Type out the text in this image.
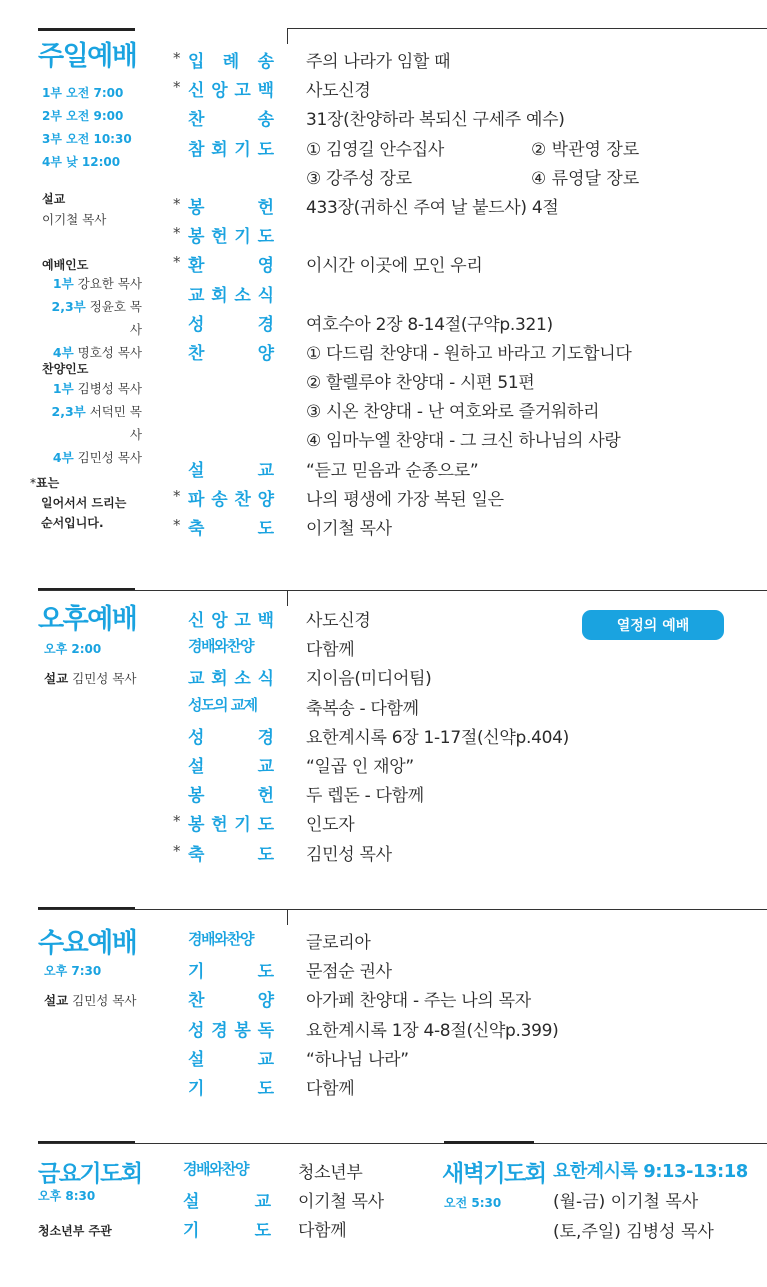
주일예배
1부 오전 7:00
2부 오전 9:00
3부 오전 10:30
4부 낮 12:00
설교
이기철 목사
예배인도
1부 강요한 목사
2,3부 정윤호 목사
4부 명호성 목사
찬양인도
1부 김병성 목사
2,3부 서덕민 목사
4부 김민성 목사
*표는
일어서서 드리는
순서입니다.
* 입 례 송 주의 나라가 임할 때
* 신 앙 고 백 사도신경
찬	송 31장(찬양하라 복되신 구세주 예수)
참 회 기 도 ① 김영길 안수집사	② 박관영 장로
③ 강주성 장로	④ 류영달 장로
* 봉	헌 433장(귀하신 주여 날 붙드사) 4절
* 봉 헌 기 도
* 환	영 이시간 이곳에 모인 우리
교 회 소 식
성	경 여호수아 2장 8-14절(구약p.321)
찬	양 ① 다드림 찬양대 - 원하고 바라고 기도합니다
② 할렐루야 찬양대 - 시편 51편
③ 시온 찬양대 - 난 여호와로 즐거워하리
④ 임마누엘 찬양대 - 그 크신 하나님의 사랑
설	교 “듣고 믿음과 순종으로”
* 파 송 찬 양 나의 평생에 가장 복된 일은
* 축	도 이기철 목사
오후예배
오후 2:00
설교 김민성 목사
열정의 예배
신 앙 고 백 사도신경
경배와찬양	다함께
교 회 소 식 지이음(미디어팀)
성도의 교제	축복송 - 다함께
성	경 요한계시록 6장 1-17절(신약p.404)
설	교 “일곱 인 재앙”
봉	헌 두 렙돈 - 다함께
* 봉 헌 기 도 인도자
* 축	도 김민성 목사
수요예배
오후 7:30
설교 김민성 목사
경배와찬양	글로리아
기	도 문점순 권사
찬	양 아가페 찬양대 - 주는 나의 목자
성 경 봉 독 요한계시록 1장 4-8절(신약p.399)
설	교 “하나님 나라”
기	도 다함께
금요기도회
오후 8:30
청소년부 주관
경배와찬양	청소년부
설	교 이기철 목사
기	도 다함께
새벽기도회
오전 5:30
요한계시록 9:13-13:18
(월-금) 이기철 목사
(토,주일) 김병성 목사
